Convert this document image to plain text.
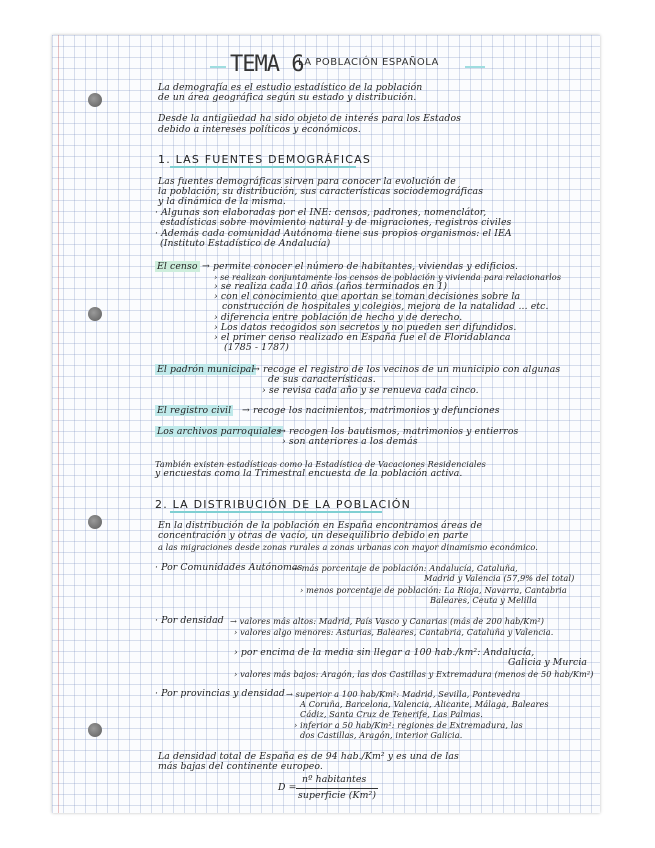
TEMA 6
LA POBLACIÓN ESPAÑOLA
La demografía es el estudio estadístico de la población
de un área geográfica según su estado y distribución.
Desde la antigüedad ha sido objeto de interés para los Estados
debido a intereses políticos y económicos.
1. LAS FUENTES DEMOGRÁFICAS
Las fuentes demográficas sirven para conocer la evolución de
la población, su distribución, sus características sociodemográficas
y la dinámica de la misma.
· Algunas son elaboradas por el INE: censos, padrones, nomenclátor,
estadísticas sobre movimiento natural y de migraciones, registros civiles
· Además cada comunidad Autónoma tiene sus propios organismos: el IEA
(Instituto Estadístico de Andalucía)
El censo → permite conocer el número de habitantes, viviendas y edificios.
› se realizan conjuntamente los censos de población y vivienda para relacionarlos
› se realiza cada 10 años (años terminados en 1)
› con el conocimiento que aportan se toman decisiones sobre la
construcción de hospitales y colegios, mejora de la natalidad ... etc.
› diferencia entre población de hecho y de derecho.
› Los datos recogidos son secretos y no pueden ser difundidos.
› el primer censo realizado en España fue el de Floridablanca
(1785 - 1787)
El padrón municipal
→ recoge el registro de los vecinos de un municipio con algunas
de sus características.
› se revisa cada año y se renueva cada cinco.
El registro civil → recoge los nacimientos, matrimonios y defunciones
Los archivos parroquiales
→ recogen los bautismos, matrimonios y entierros
› son anteriores a los demás
También existen estadísticas como la Estadística de Vacaciones Residenciales
y encuestas como la Trimestral encuesta de la población activa.
2. LA DISTRIBUCIÓN DE LA POBLACIÓN
En la distribución de la población en España encontramos áreas de
concentración y otras de vacío, un desequilibrio debido en parte
a las migraciones desde zonas rurales a zonas urbanas con mayor dinamismo económico.
· Por Comunidades Autónomas
→ más porcentaje de población: Andalucía, Cataluña,
Madrid y Valencia (57,9% del total)
› menos porcentaje de población: La Rioja, Navarra, Cantabria
Baleares, Ceuta y Melilla
· Por densidad → valores más altos: Madrid, País Vasco y Canarias (más de 200 hab/Km²)
› valores algo menores: Asturias, Baleares, Cantabria, Cataluña y Valencia.
› por encima de la media sin llegar a 100 hab./km²: Andalucía,
Galicia y Murcia
› valores más bajos: Aragón, las dos Castillas y Extremadura (menos de 50 hab/Km²)
· Por provincias y densidad → superior a 100 hab/Km²: Madrid, Sevilla, Pontevedra
A Coruña, Barcelona, Valencia, Alicante, Málaga, Baleares
Cádiz, Santa Cruz de Tenerife, Las Palmas.
› inferior a 50 hab/Km²: regiones de Extremadura, las
dos Castillas, Aragón, interior Galicia.
La densidad total de España es de 94 hab./Km² y es una de las
más bajas del continente europeo.
D =
nº habitantes
superficie (Km²)
